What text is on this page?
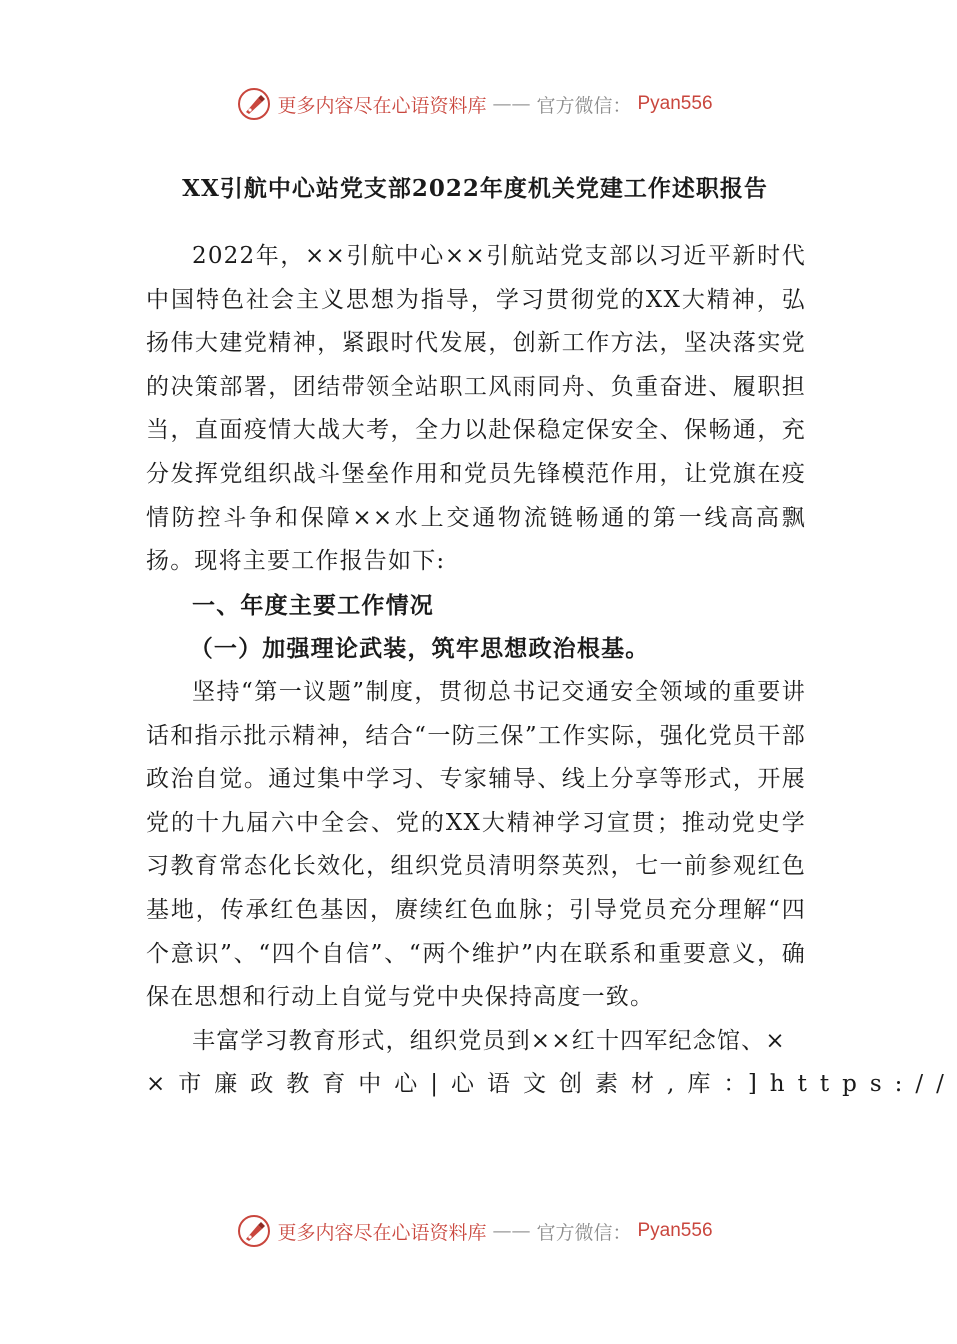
更多内容尽在心语资料库 —— 官方微信： Pyan556
XX引航中心站党支部2022年度机关党建工作述职报告

2022年，××引航中心××引航站党支部以习近平新时代中国特色社会主义思想为指导，学习贯彻党的XX大精神，弘扬伟大建党精神，紧跟时代发展，创新工作方法，坚决落实党的决策部署，团结带领全站职工风雨同舟、负重奋进、履职担当，直面疫情大战大考，全力以赴保稳定保安全、保畅通，充分发挥党组织战斗堡垒作用和党员先锋模范作用，让党旗在疫情防控斗争和保障××水上交通物流链畅通的第一线高高飘扬。现将主要工作报告如下:

一、年度主要工作情况

（一）加强理论武装，筑牢思想政治根基。

坚持“第一议题”制度，贯彻总书记交通安全领域的重要讲话和指示批示精神，结合“一防三保”工作实际，强化党员干部政治自觉。通过集中学习、专家辅导、线上分享等形式，开展党的十九届六中全会、党的XX大精神学习宣贯；推动党史学习教育常态化长效化，组织党员清明祭英烈，七一前参观红色基地，传承红色基因，赓续红色血脉；引导党员充分理解“四个意识”、“四个自信”、“两个维护”内在联系和重要意义，确保在思想和行动上自觉与党中央保持高度一致。

丰富学习教育形式，组织党员到××红十四军纪念馆、×

×市廉政教育中心|心语文创素材,库：]https://

更多内容尽在心语资料库 —— 官方微信： Pyan556
